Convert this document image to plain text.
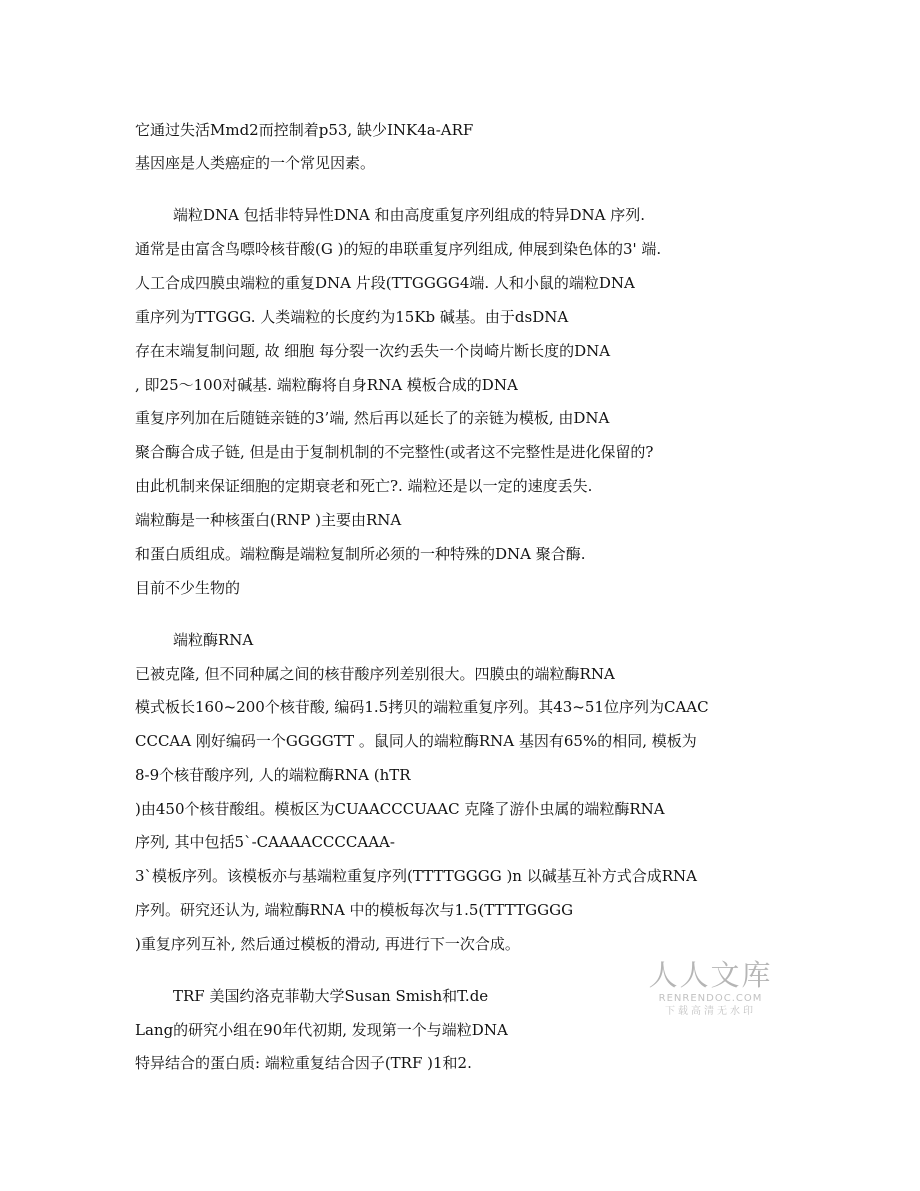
它通过失活Mmd2而控制着p53, 缺少INK4a-ARF
基因座是人类癌症的一个常见因素。
端粒DNA 包括非特异性DNA 和由高度重复序列组成的特异DNA 序列.
通常是由富含鸟嘌呤核苷酸(G )的短的串联重复序列组成, 伸展到染色体的3' 端.
人工合成四膜虫端粒的重复DNA 片段(TTGGGG4端. 人和小鼠的端粒DNA
重序列为TTGGG. 人类端粒的长度约为15Kb 碱基。由于dsDNA
存在末端复制问题, 故 细胞 每分裂一次约丢失一个岗崎片断长度的DNA
, 即25～100对碱基. 端粒酶将自身RNA 模板合成的DNA
重复序列加在后随链亲链的3’端, 然后再以延长了的亲链为模板, 由DNA
聚合酶合成子链, 但是由于复制机制的不完整性(或者这不完整性是进化保留的?
由此机制来保证细胞的定期衰老和死亡?. 端粒还是以一定的速度丢失.
端粒酶是一种核蛋白(RNP )主要由RNA
和蛋白质组成。端粒酶是端粒复制所必须的一种特殊的DNA 聚合酶.
目前不少生物的
端粒酶RNA
已被克隆, 但不同种属之间的核苷酸序列差别很大。四膜虫的端粒酶RNA
模式板长160~200个核苷酸, 编码1.5拷贝的端粒重复序列。其43~51位序列为CAAC
CCCAA 刚好编码一个GGGGTT 。鼠同人的端粒酶RNA 基因有65%的相同, 模板为
8-9个核苷酸序列, 人的端粒酶RNA (hTR
)由450个核苷酸组。模板区为CUAACCCUAAC 克隆了游仆虫属的端粒酶RNA
序列, 其中包括5`-CAAAACCCCAAA-
3`模板序列。该模板亦与基端粒重复序列(TTTTGGGG )n 以碱基互补方式合成RNA
序列。研究还认为, 端粒酶RNA 中的模板每次与1.5(TTTTGGGG
)重复序列互补, 然后通过模板的滑动, 再进行下一次合成。
TRF 美国约洛克菲勒大学Susan Smish和T.de
Lang的研究小组在90年代初期, 发现第一个与端粒DNA
特异结合的蛋白质: 端粒重复结合因子(TRF )1和2.
人人文库
RENRENDOC.COM
下载高清无水印
